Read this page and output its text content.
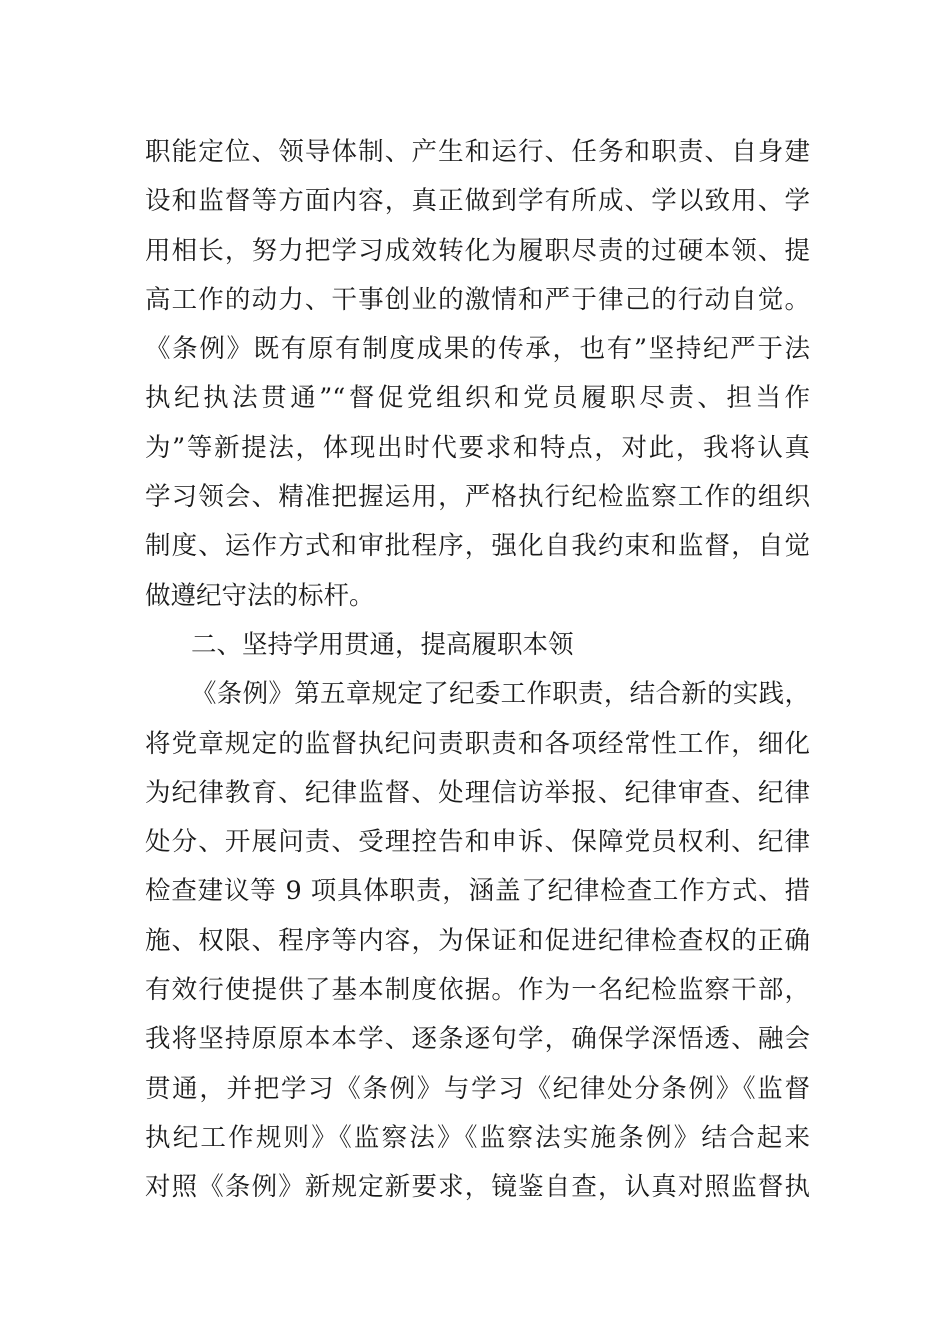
职能定位、领导体制、产生和运行、任务和职责、自身建
设和监督等方面内容，真正做到学有所成、学以致用、学
用相长，努力把学习成效转化为履职尽责的过硬本领、提
高工作的动力、干事创业的激情和严于律己的行动自觉。
《条例》既有原有制度成果的传承，也有”坚持纪严于法
执纪执法贯通”“督促党组织和党员履职尽责、担当作
为”等新提法，体现出时代要求和特点，对此，我将认真
学习领会、精准把握运用，严格执行纪检监察工作的组织
制度、运作方式和审批程序，强化自我约束和监督，自觉
做遵纪守法的标杆。
二、坚持学用贯通，提高履职本领
《条例》第五章规定了纪委工作职责，结合新的实践，
将党章规定的监督执纪问责职责和各项经常性工作，细化
为纪律教育、纪律监督、处理信访举报、纪律审查、纪律
处分、开展问责、受理控告和申诉、保障党员权利、纪律
检查建议等 9 项具体职责，涵盖了纪律检查工作方式、措
施、权限、程序等内容，为保证和促进纪律检查权的正确
有效行使提供了基本制度依据。作为一名纪检监察干部，
我将坚持原原本本学、逐条逐句学，确保学深悟透、融会
贯通，并把学习《条例》与学习《纪律处分条例》《监督
执纪工作规则》《监察法》《监察法实施条例》结合起来
对照《条例》新规定新要求，镜鉴自查，认真对照监督执
